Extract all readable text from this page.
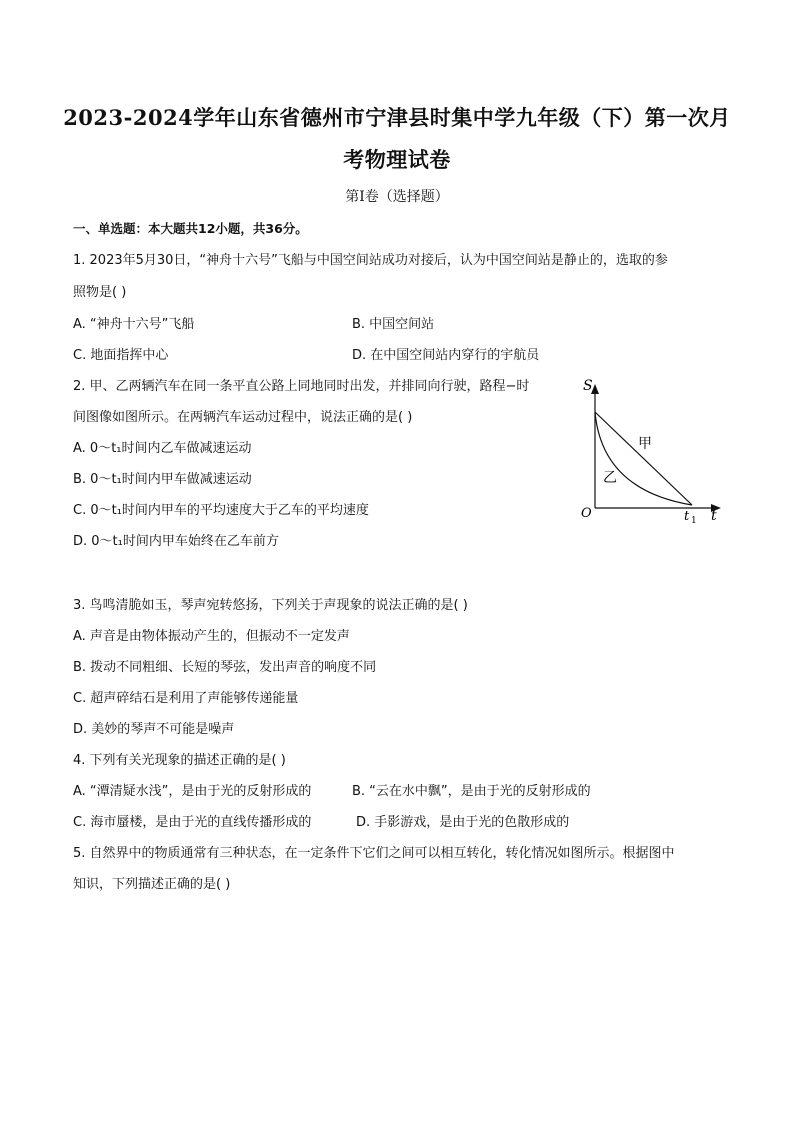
2023-2024学年山东省德州市宁津县时集中学九年级（下）第一次月
考物理试卷
第Ⅰ卷（选择题）
一、单选题：本大题共12小题，共36分。
1. 2023年5月30日，“神舟十六号”飞船与中国空间站成功对接后，认为中国空间站是静止的，选取的参
照物是( )
A. “神舟十六号”飞船	B. 中国空间站
C. 地面指挥中心	D. 在中国空间站内穿行的宇航员
2. 甲、乙两辆汽车在同一条平直公路上同地同时出发，并排同向行驶，路程−时
间图像如图所示。在两辆汽车运动过程中，说法正确的是( )
A. 0～t₁时间内乙车做减速运动
B. 0～t₁时间内甲车做减速运动
C. 0～t₁时间内甲车的平均速度大于乙车的平均速度
D. 0～t₁时间内甲车始终在乙车前方
S
t
O	t 1
甲
乙
3. 鸟鸣清脆如玉，琴声宛转悠扬，下列关于声现象的说法正确的是( )
A. 声音是由物体振动产生的，但振动不一定发声
B. 拨动不同粗细、长短的琴弦，发出声音的响度不同
C. 超声碎结石是利用了声能够传递能量
D. 美妙的琴声不可能是噪声
4. 下列有关光现象的描述正确的是( )
A. “潭清疑水浅”，是由于光的反射形成的	B. “云在水中飘”，是由于光的反射形成的
C. 海市蜃楼，是由于光的直线传播形成的	D. 手影游戏，是由于光的色散形成的
5. 自然界中的物质通常有三种状态，在一定条件下它们之间可以相互转化，转化情况如图所示。根据图中
知识，下列描述正确的是( )
